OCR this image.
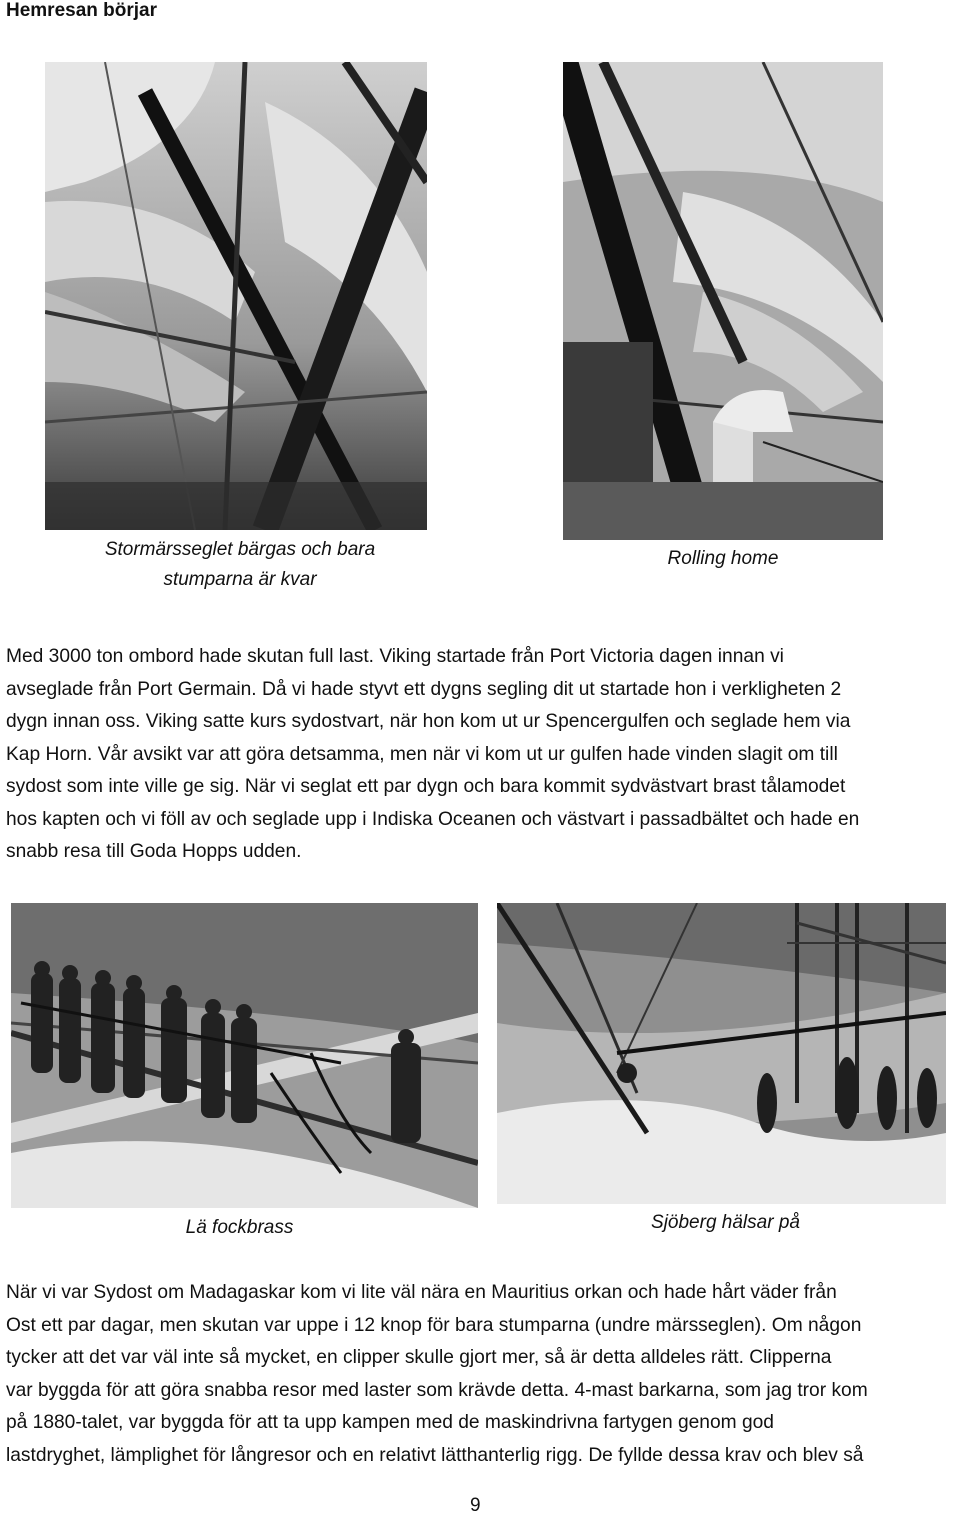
Hemresan börjar
Stormärsseglet bärgas och bara
stumparna är kvar
Rolling home
Med 3000 ton ombord hade skutan full last. Viking startade från Port Victoria dagen innan vi
avseglade från Port Germain. Då vi hade styvt ett dygns segling dit ut startade hon i verkligheten 2
dygn innan oss. Viking satte kurs sydostvart, när hon kom ut ur Spencergulfen och seglade hem via
Kap Horn. Vår avsikt var att göra detsamma, men när vi kom ut ur gulfen hade vinden slagit om till
sydost som inte ville ge sig. När vi seglat ett par dygn och bara kommit sydvästvart brast tålamodet
hos kapten och vi föll av och seglade upp i Indiska Oceanen och västvart i passadbältet och hade en
snabb resa till Goda Hopps udden.
Lä fockbrass	Sjöberg hälsar på
När vi var Sydost om Madagaskar kom vi lite väl nära en Mauritius orkan och hade hårt väder från
Ost ett par dagar, men skutan var uppe i 12 knop för bara stumparna (undre märsseglen). Om någon
tycker att det var väl inte så mycket, en clipper skulle gjort mer, så är detta alldeles rätt. Clipperna
var byggda för att göra snabba resor med laster som krävde detta. 4-mast barkarna, som jag tror kom
på 1880-talet, var byggda för att ta upp kampen med de maskindrivna fartygen genom god
lastdryghet, lämplighet för långresor och en relativt lätthanterlig rigg. De fyllde dessa krav och blev så
9
